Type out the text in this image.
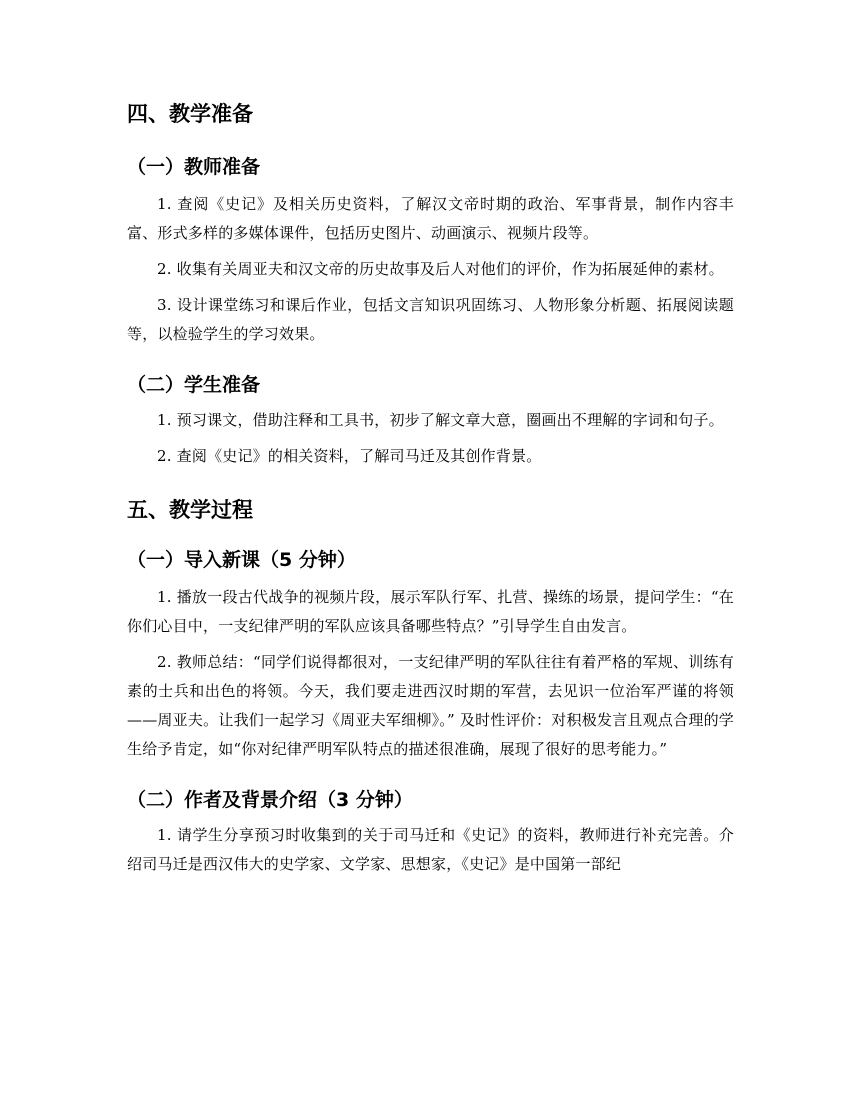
四、教学准备
（一）教师准备

1. 查阅《史记》及相关历史资料，了解汉文帝时期的政治、军事背景，制作内容丰富、形式多样的多媒体课件，包括历史图片、动画演示、视频片段等。

2. 收集有关周亚夫和汉文帝的历史故事及后人对他们的评价，作为拓展延伸的素材。

3. 设计课堂练习和课后作业，包括文言知识巩固练习、人物形象分析题、拓展阅读题等，以检验学生的学习效果。

（二）学生准备

1. 预习课文，借助注释和工具书，初步了解文章大意，圈画出不理解的字词和句子。

2. 查阅《史记》的相关资料，了解司马迁及其创作背景。

五、教学过程
（一）导入新课（5 分钟）

1. 播放一段古代战争的视频片段，展示军队行军、扎营、操练的场景，提问学生：“在你们心目中，一支纪律严明的军队应该具备哪些特点？”引导学生自由发言。

2. 教师总结：“同学们说得都很对，一支纪律严明的军队往往有着严格的军规、训练有素的士兵和出色的将领。今天，我们要走进西汉时期的军营，去见识一位治军严谨的将领——周亚夫。让我们一起学习《周亚夫军细柳》。” 及时性评价：对积极发言且观点合理的学生给予肯定，如“你对纪律严明军队特点的描述很准确，展现了很好的思考能力。”

（二）作者及背景介绍（3 分钟）

1. 请学生分享预习时收集到的关于司马迁和《史记》的资料，教师进行补充完善。介绍司马迁是西汉伟大的史学家、文学家、思想家，《史记》是中国第一部纪
